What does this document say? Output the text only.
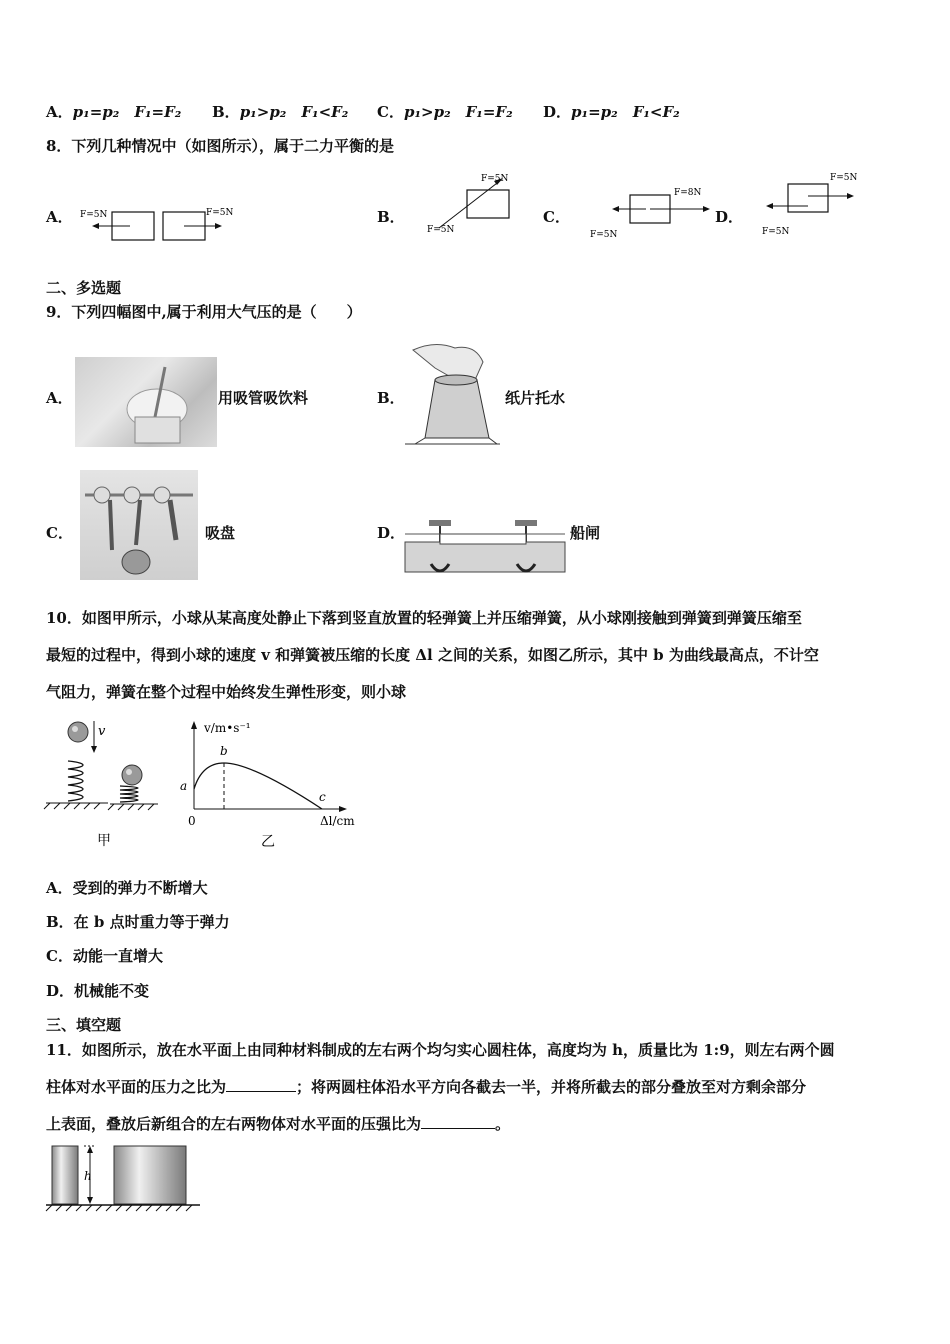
A．p₁=p₂　F₁=F₂ B．p₁>p₂　F₁<F₂ C．p₁>p₂　F₁=F₂ D．p₁=p₂　F₁<F₂
8．下列几种情况中（如图所示），属于二力平衡的是
A． F=5N	F=5N	B．
F=5N
F=5N
C．
F=8N
F=5N
D．
F=5N
F=5N
二、多选题
9．下列四幅图中,属于利用大气压的是（　　）
A．	用吸管吸饮料	B．	纸片托水
C．	吸盘	D．	船闸
10．如图甲所示，小球从某高度处静止下落到竖直放置的轻弹簧上并压缩弹簧，从小球刚接触到弹簧到弹簧压缩至
最短的过程中，得到小球的速度 v 和弹簧被压缩的长度 Δl 之间的关系，如图乙所示，其中 b 为曲线最高点，不计空
气阻力，弹簧在整个过程中始终发生弹性形变，则小球
v
甲
v/m•s⁻¹
Δl/cm
a
b
c
0
乙
A．受到的弹力不断增大
B．在 b 点时重力等于弹力
C．动能一直增大
D．机械能不变
三、填空题
11．如图所示，放在水平面上由同种材料制成的左右两个均匀实心圆柱体，高度均为 h，质量比为 1:9，则左右两个圆
柱体对水平面的压力之比为	；将两圆柱体沿水平方向各截去一半，并将所截去的部分叠放至对方剩余部分
上表面，叠放后新组合的左右两物体对水平面的压强比为	。
h
